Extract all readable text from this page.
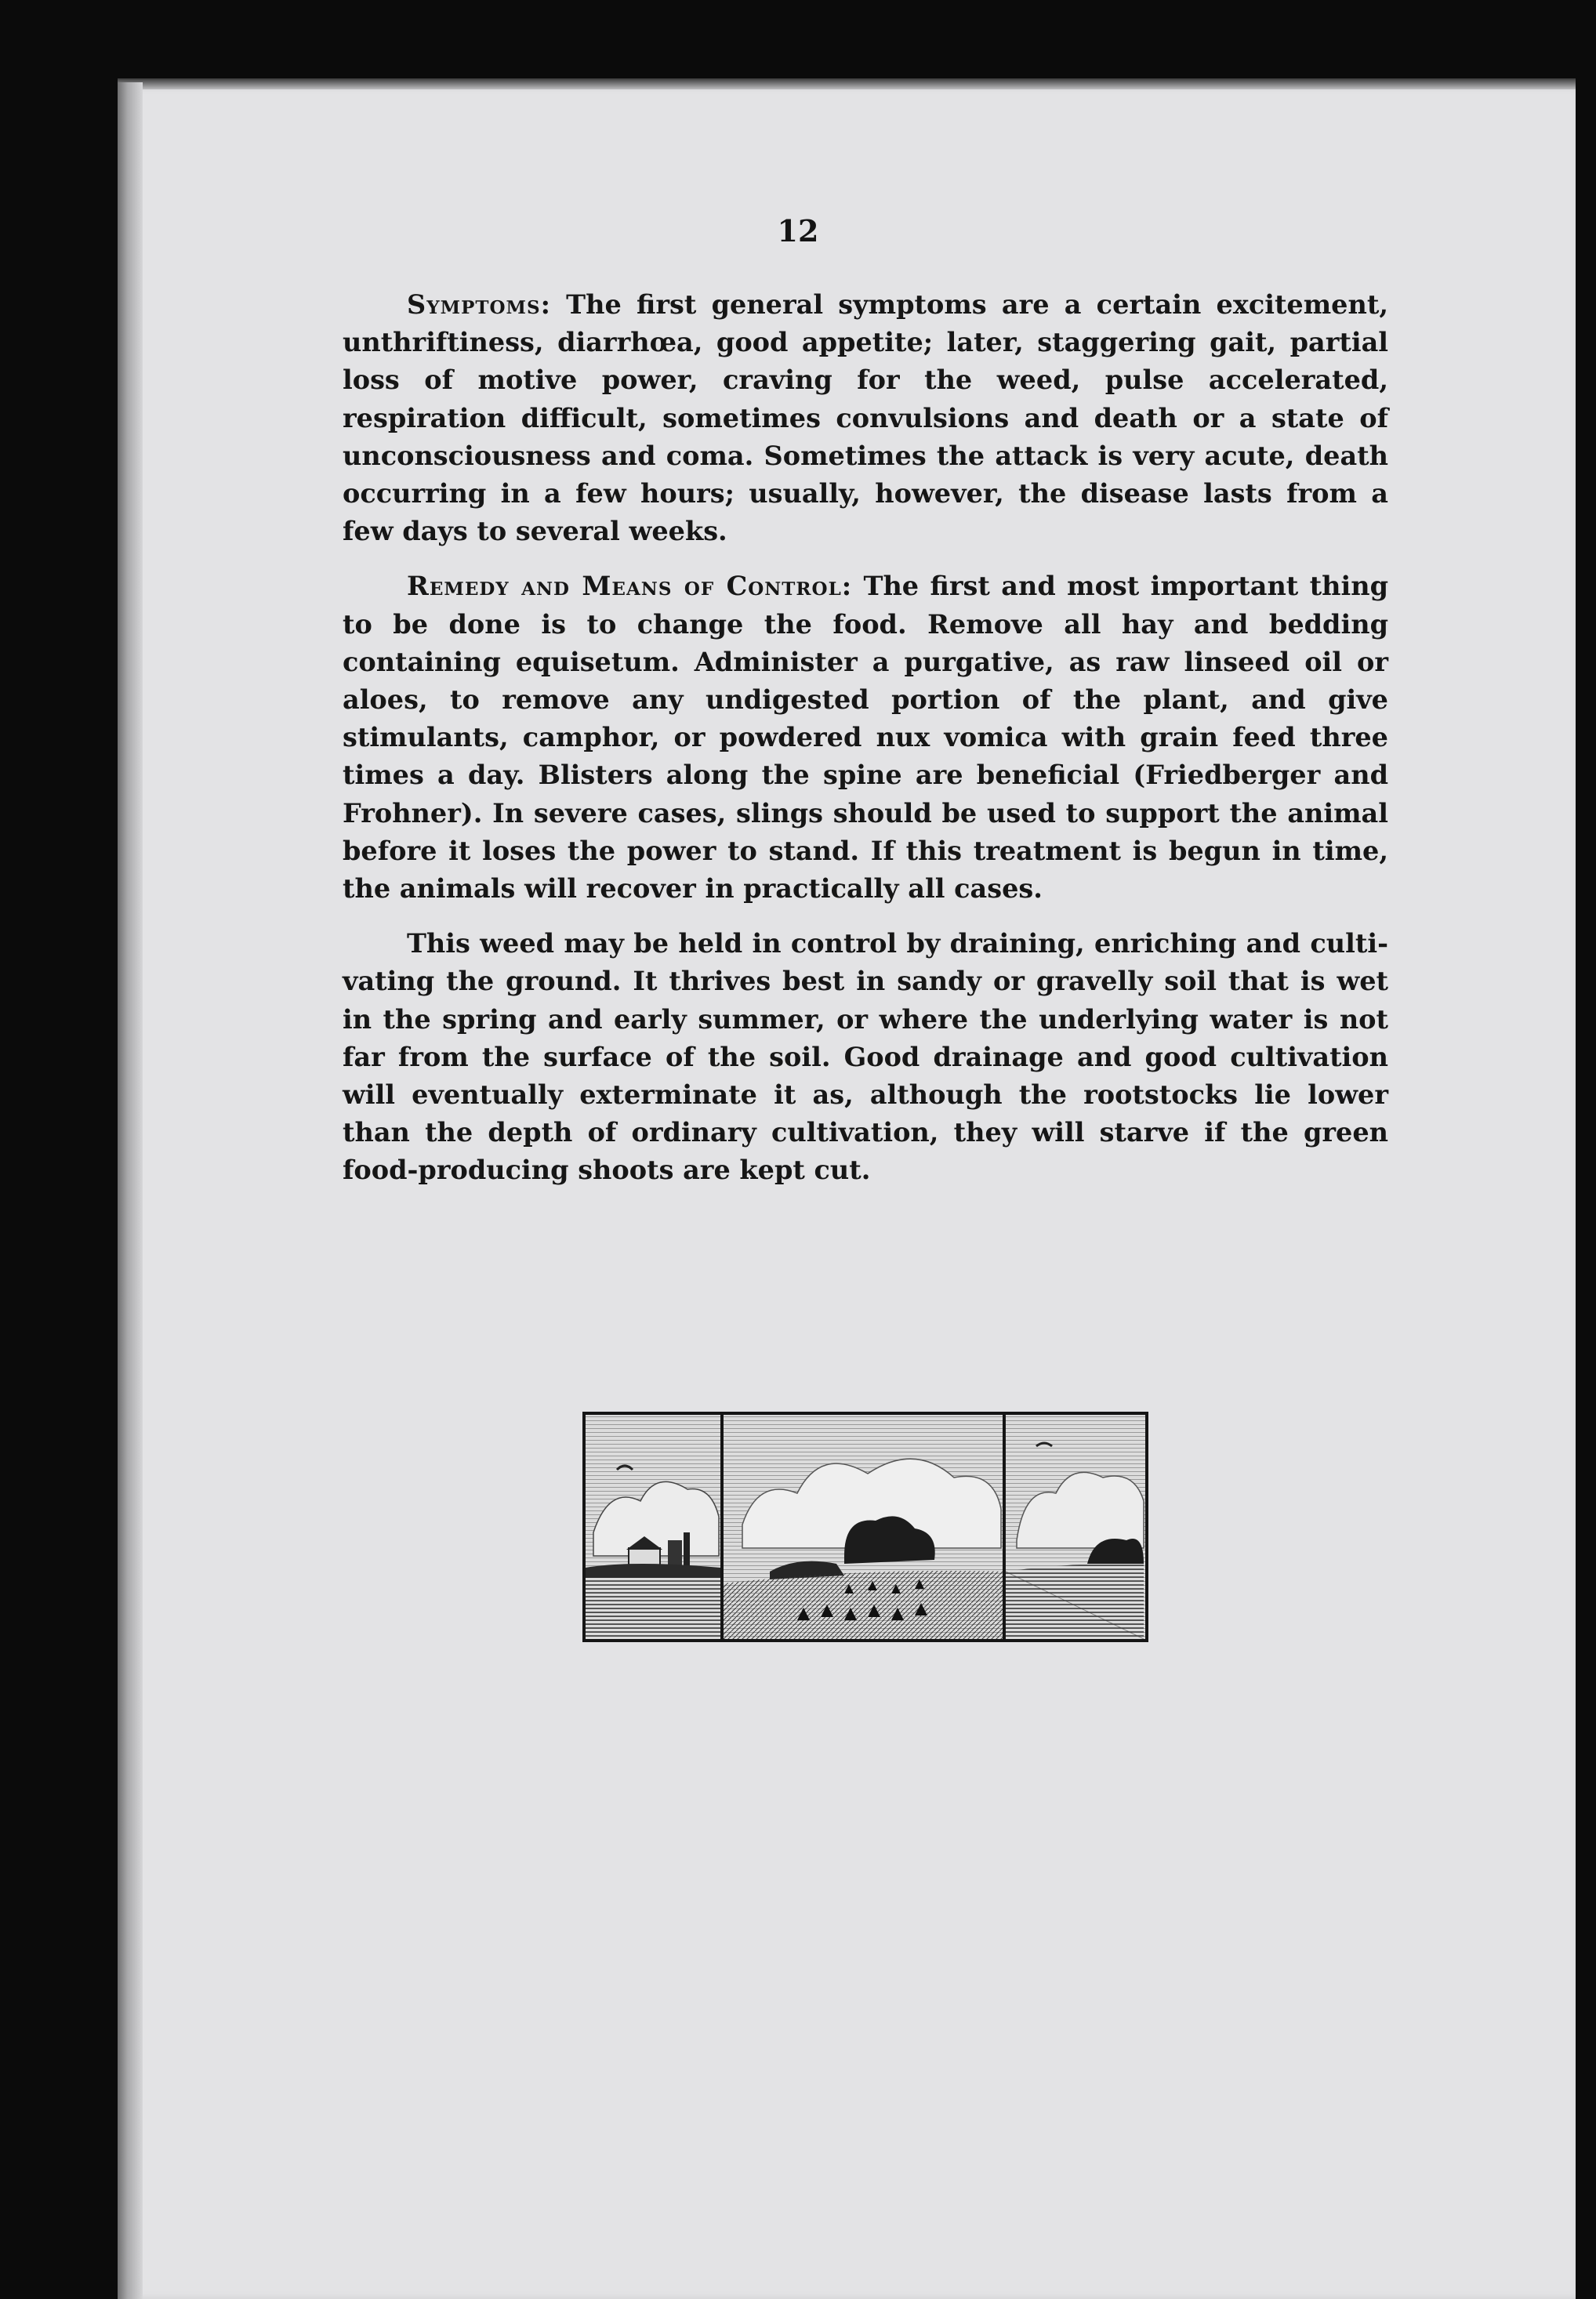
12

Symptoms: The first general symptoms are a certain excitement, unthriftiness, diarrhœa, good appetite; later, staggering gait, partial loss of motive power, craving for the weed, pulse accelerated, respiration difficult, sometimes convulsions and death or a state of unconsciousness and coma. Sometimes the attack is very acute, death occurring in a few hours; usually, however, the disease lasts from a few days to several weeks.

Remedy and Means of Control: The first and most important thing to be done is to change the food. Remove all hay and bedding containing equisetum. Administer a purgative, as raw linseed oil or aloes, to remove any undigested portion of the plant, and give stimulants, camphor, or powdered nux vomica with grain feed three times a day. Blisters along the spine are beneficial (Friedberger and Frohner). In severe cases, slings should be used to support the animal before it loses the power to stand. If this treatment is begun in time, the animals will recover in practically all cases.

This weed may be held in control by draining, enriching and cultivating the ground. It thrives best in sandy or gravelly soil that is wet in the spring and early summer, or where the underlying water is not far from the surface of the soil. Good drainage and good cultivation will eventually exterminate it as, although the rootstocks lie lower than the depth of ordinary cultivation, they will starve if the green food-producing shoots are kept cut.
